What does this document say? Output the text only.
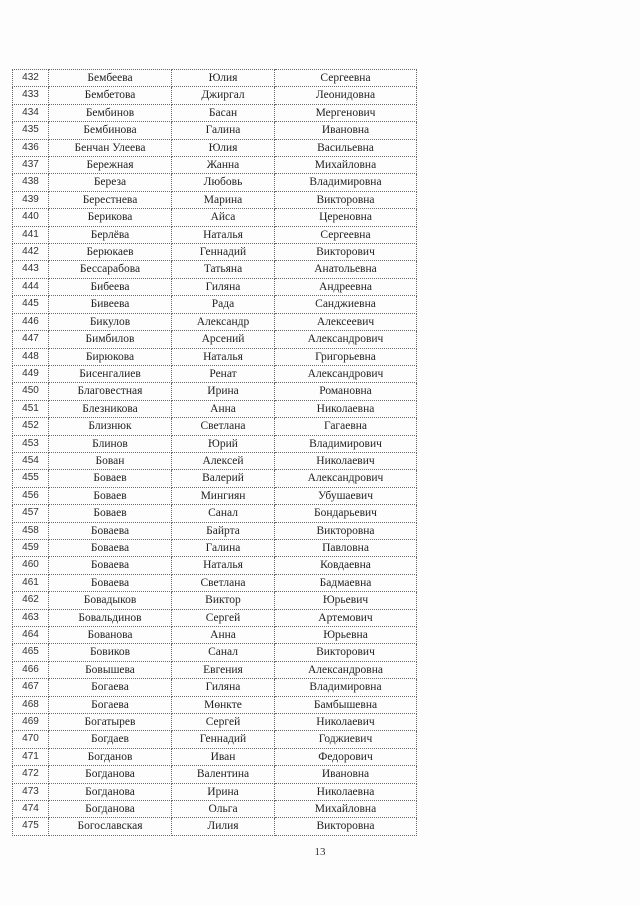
432	Бембеева	Юлия	Сергеевна
433	Бембетова	Джиргал	Леонидовна
434	Бембинов	Басан	Мергенович
435	Бембинова	Галина	Ивановна
436	Бенчан Улеева	Юлия	Васильевна
437	Бережная	Жанна	Михайловна
438	Береза	Любовь	Владимировна
439	Берестнева	Марина	Викторовна
440	Берикова	Айса	Цереновна
441	Берлёва	Наталья	Сергеевна
442	Берюкаев	Геннадий	Викторович
443	Бессарабова	Татьяна	Анатольевна
444	Бибеева	Гиляна	Андреевна
445	Бивеева	Рада	Санджиевна
446	Бикулов	Александр	Алексеевич
447	Бимбилов	Арсений	Александрович
448	Бирюкова	Наталья	Григорьевна
449	Бисенгалиев	Ренат	Александрович
450	Благовестная	Ирина	Романовна
451	Блезникова	Анна	Николаевна
452	Близнюк	Светлана	Гагаевна
453	Блинов	Юрий	Владимирович
454	Бован	Алексей	Николаевич
455	Боваев	Валерий	Александрович
456	Боваев	Мингиян	Убушаевич
457	Боваев	Санал	Бондарьевич
458	Боваева	Байрта	Викторовна
459	Боваева	Галина	Павловна
460	Боваева	Наталья	Ковдаевна
461	Боваева	Светлана	Бадмаевна
462	Бовадыков	Виктор	Юрьевич
463	Бовальдинов	Сергей	Артемович
464	Бованова	Анна	Юрьевна
465	Бовиков	Санал	Викторович
466	Бовышева	Евгения	Александровна
467	Богаева	Гиляна	Владимировна
468	Богаева	Мөнкте	Бамбышевна
469	Богатырев	Сергей	Николаевич
470	Богдаев	Геннадий	Годжиевич
471	Богданов	Иван	Федорович
472	Богданова	Валентина	Ивановна
473	Богданова	Ирина	Николаевна
474	Богданова	Ольга	Михайловна
475	Богославская	Лилия	Викторовна
13
